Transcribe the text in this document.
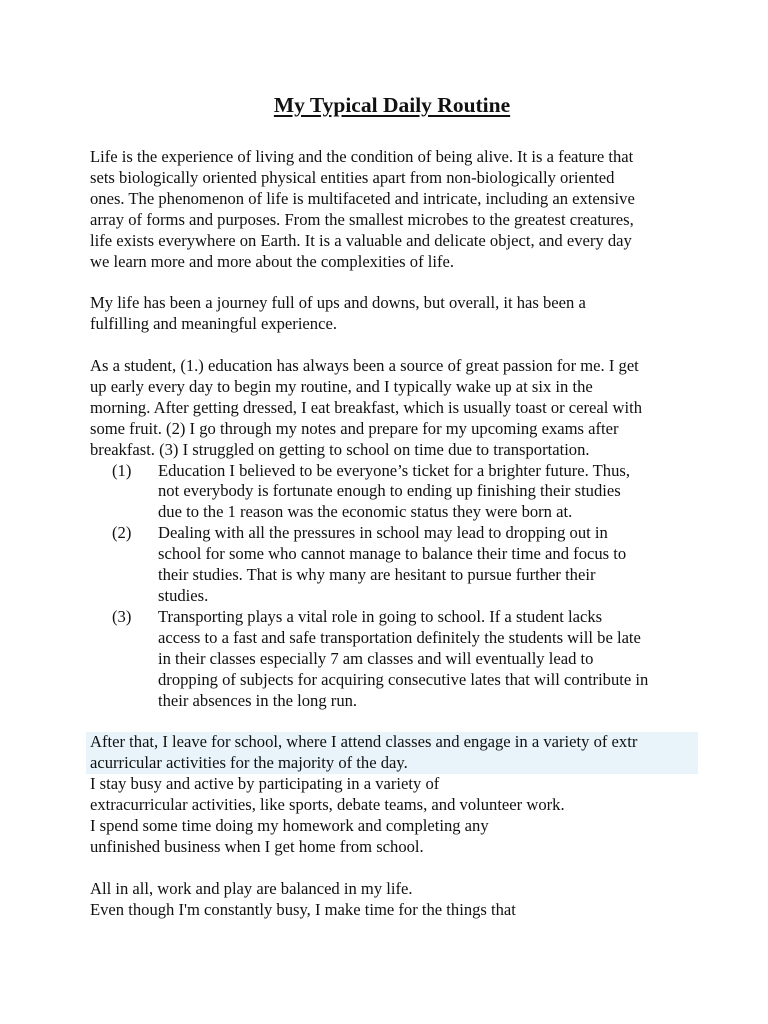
My Typical Daily Routine
Life is the experience of living and the condition of being alive. It is a feature that
sets biologically oriented physical entities apart from non-biologically oriented
ones. The phenomenon of life is multifaceted and intricate, including an extensive
array of forms and purposes. From the smallest microbes to the greatest creatures,
life exists everywhere on Earth. It is a valuable and delicate object, and every day
we learn more and more about the complexities of life.
My life has been a journey full of ups and downs, but overall, it has been a
fulfilling and meaningful experience.
As a student, (1.) education has always been a source of great passion for me. I get
up early every day to begin my routine, and I typically wake up at six in the
morning. After getting dressed, I eat breakfast, which is usually toast or cereal with
some fruit. (2) I go through my notes and prepare for my upcoming exams after
breakfast. (3) I struggled on getting to school on time due to transportation.
(1) Education I believed to be everyone’s ticket for a brighter future. Thus,
not everybody is fortunate enough to ending up finishing their studies
due to the 1 reason was the economic status they were born at.
(2) Dealing with all the pressures in school may lead to dropping out in
school for some who cannot manage to balance their time and focus to
their studies. That is why many are hesitant to pursue further their
studies.
(3) Transporting plays a vital role in going to school. If a student lacks
access to a fast and safe transportation definitely the students will be late
in their classes especially 7 am classes and will eventually lead to
dropping of subjects for acquiring consecutive lates that will contribute in
their absences in the long run.
After that, I leave for school, where I attend classes and engage in a variety of extr
acurricular activities for the majority of the day.
I stay busy and active by participating in a variety of
extracurricular activities, like sports, debate teams, and volunteer work.
I spend some time doing my homework and completing any
unfinished business when I get home from school.
All in all, work and play are balanced in my life.
Even though I'm constantly busy, I make time for the things that
